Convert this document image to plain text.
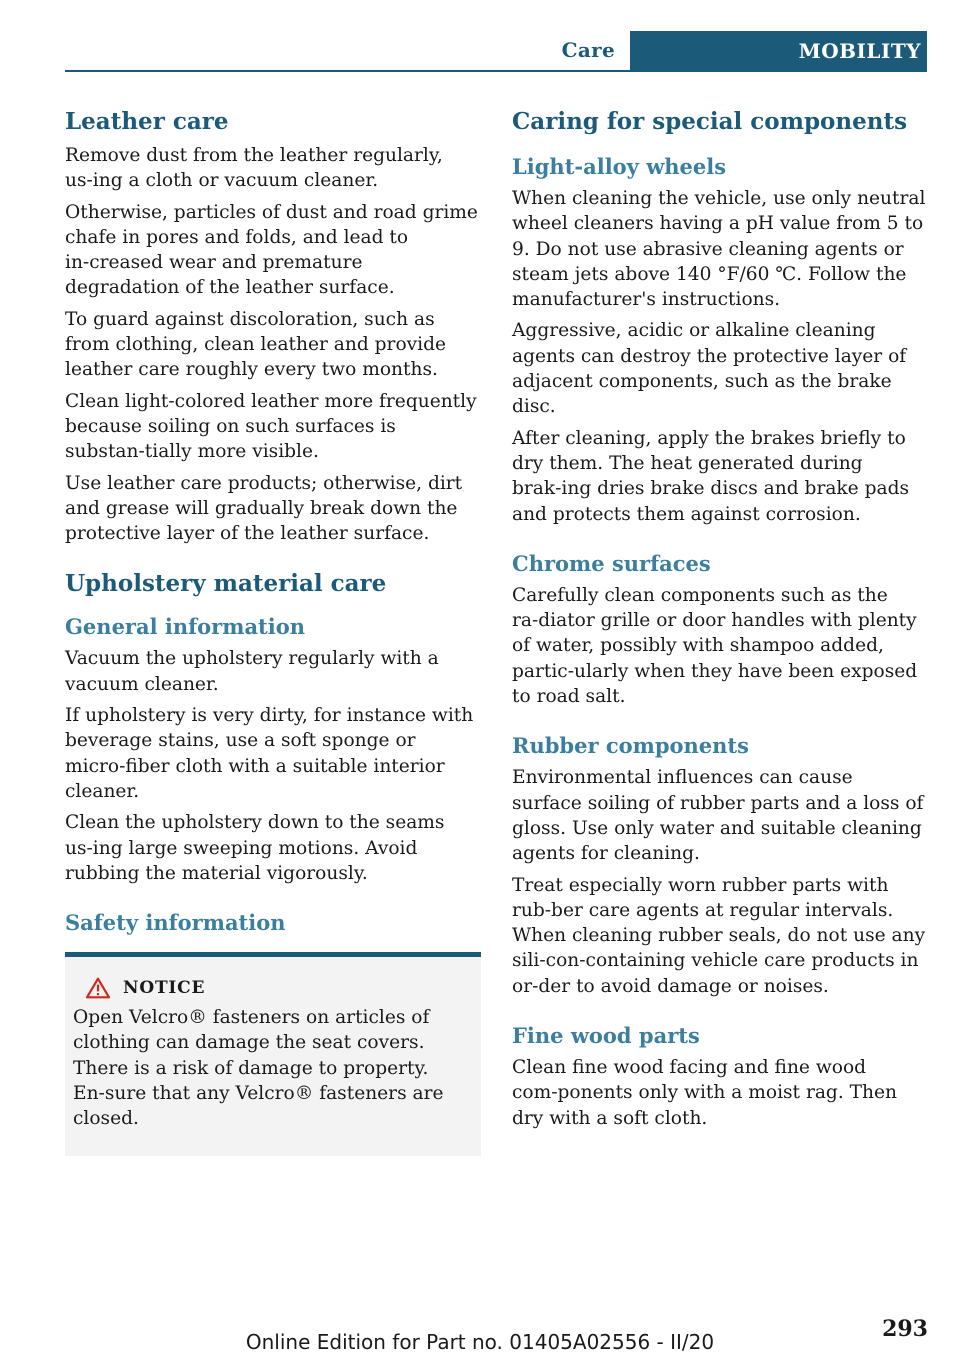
Care	MOBILITY
Leather care

Remove dust from the leather regularly, us‑ing a cloth or vacuum cleaner.

Otherwise, particles of dust and road grime chafe in pores and folds, and lead to in‑creased wear and premature degradation of the leather surface.

To guard against discoloration, such as from clothing, clean leather and provide leather care roughly every two months.

Clean light-colored leather more frequently because soiling on such surfaces is substan‑tially more visible.

Use leather care products; otherwise, dirt and grease will gradually break down the protective layer of the leather surface.

Upholstery material care
General information

Vacuum the upholstery regularly with a vacuum cleaner.

If upholstery is very dirty, for instance with beverage stains, use a soft sponge or micro‑fiber cloth with a suitable interior cleaner.

Clean the upholstery down to the seams us‑ing large sweeping motions. Avoid rubbing the material vigorously.

Safety information
NOTICE

Open Velcro® fasteners on articles of clothing can damage the seat covers. There is a risk of damage to property. En‑sure that any Velcro® fasteners are closed.

Caring for special components
Light-alloy wheels

When cleaning the vehicle, use only neutral wheel cleaners having a pH value from 5 to 9. Do not use abrasive cleaning agents or steam jets above 140 °F/60 ℃. Follow the manufacturer's instructions.

Aggressive, acidic or alkaline cleaning agents can destroy the protective layer of adjacent components, such as the brake disc.

After cleaning, apply the brakes briefly to dry them. The heat generated during brak‑ing dries brake discs and brake pads and protects them against corrosion.

Chrome surfaces

Carefully clean components such as the ra‑diator grille or door handles with plenty of water, possibly with shampoo added, partic‑ularly when they have been exposed to road salt.

Rubber components

Environmental influences can cause surface soiling of rubber parts and a loss of gloss. Use only water and suitable cleaning agents for cleaning.

Treat especially worn rubber parts with rub‑ber care agents at regular intervals. When cleaning rubber seals, do not use any sili‑con-containing vehicle care products in or‑der to avoid damage or noises.

Fine wood parts

Clean fine wood facing and fine wood com‑ponents only with a moist rag. Then dry with a soft cloth.

293
Online Edition for Part no. 01405A02556 - II/20
